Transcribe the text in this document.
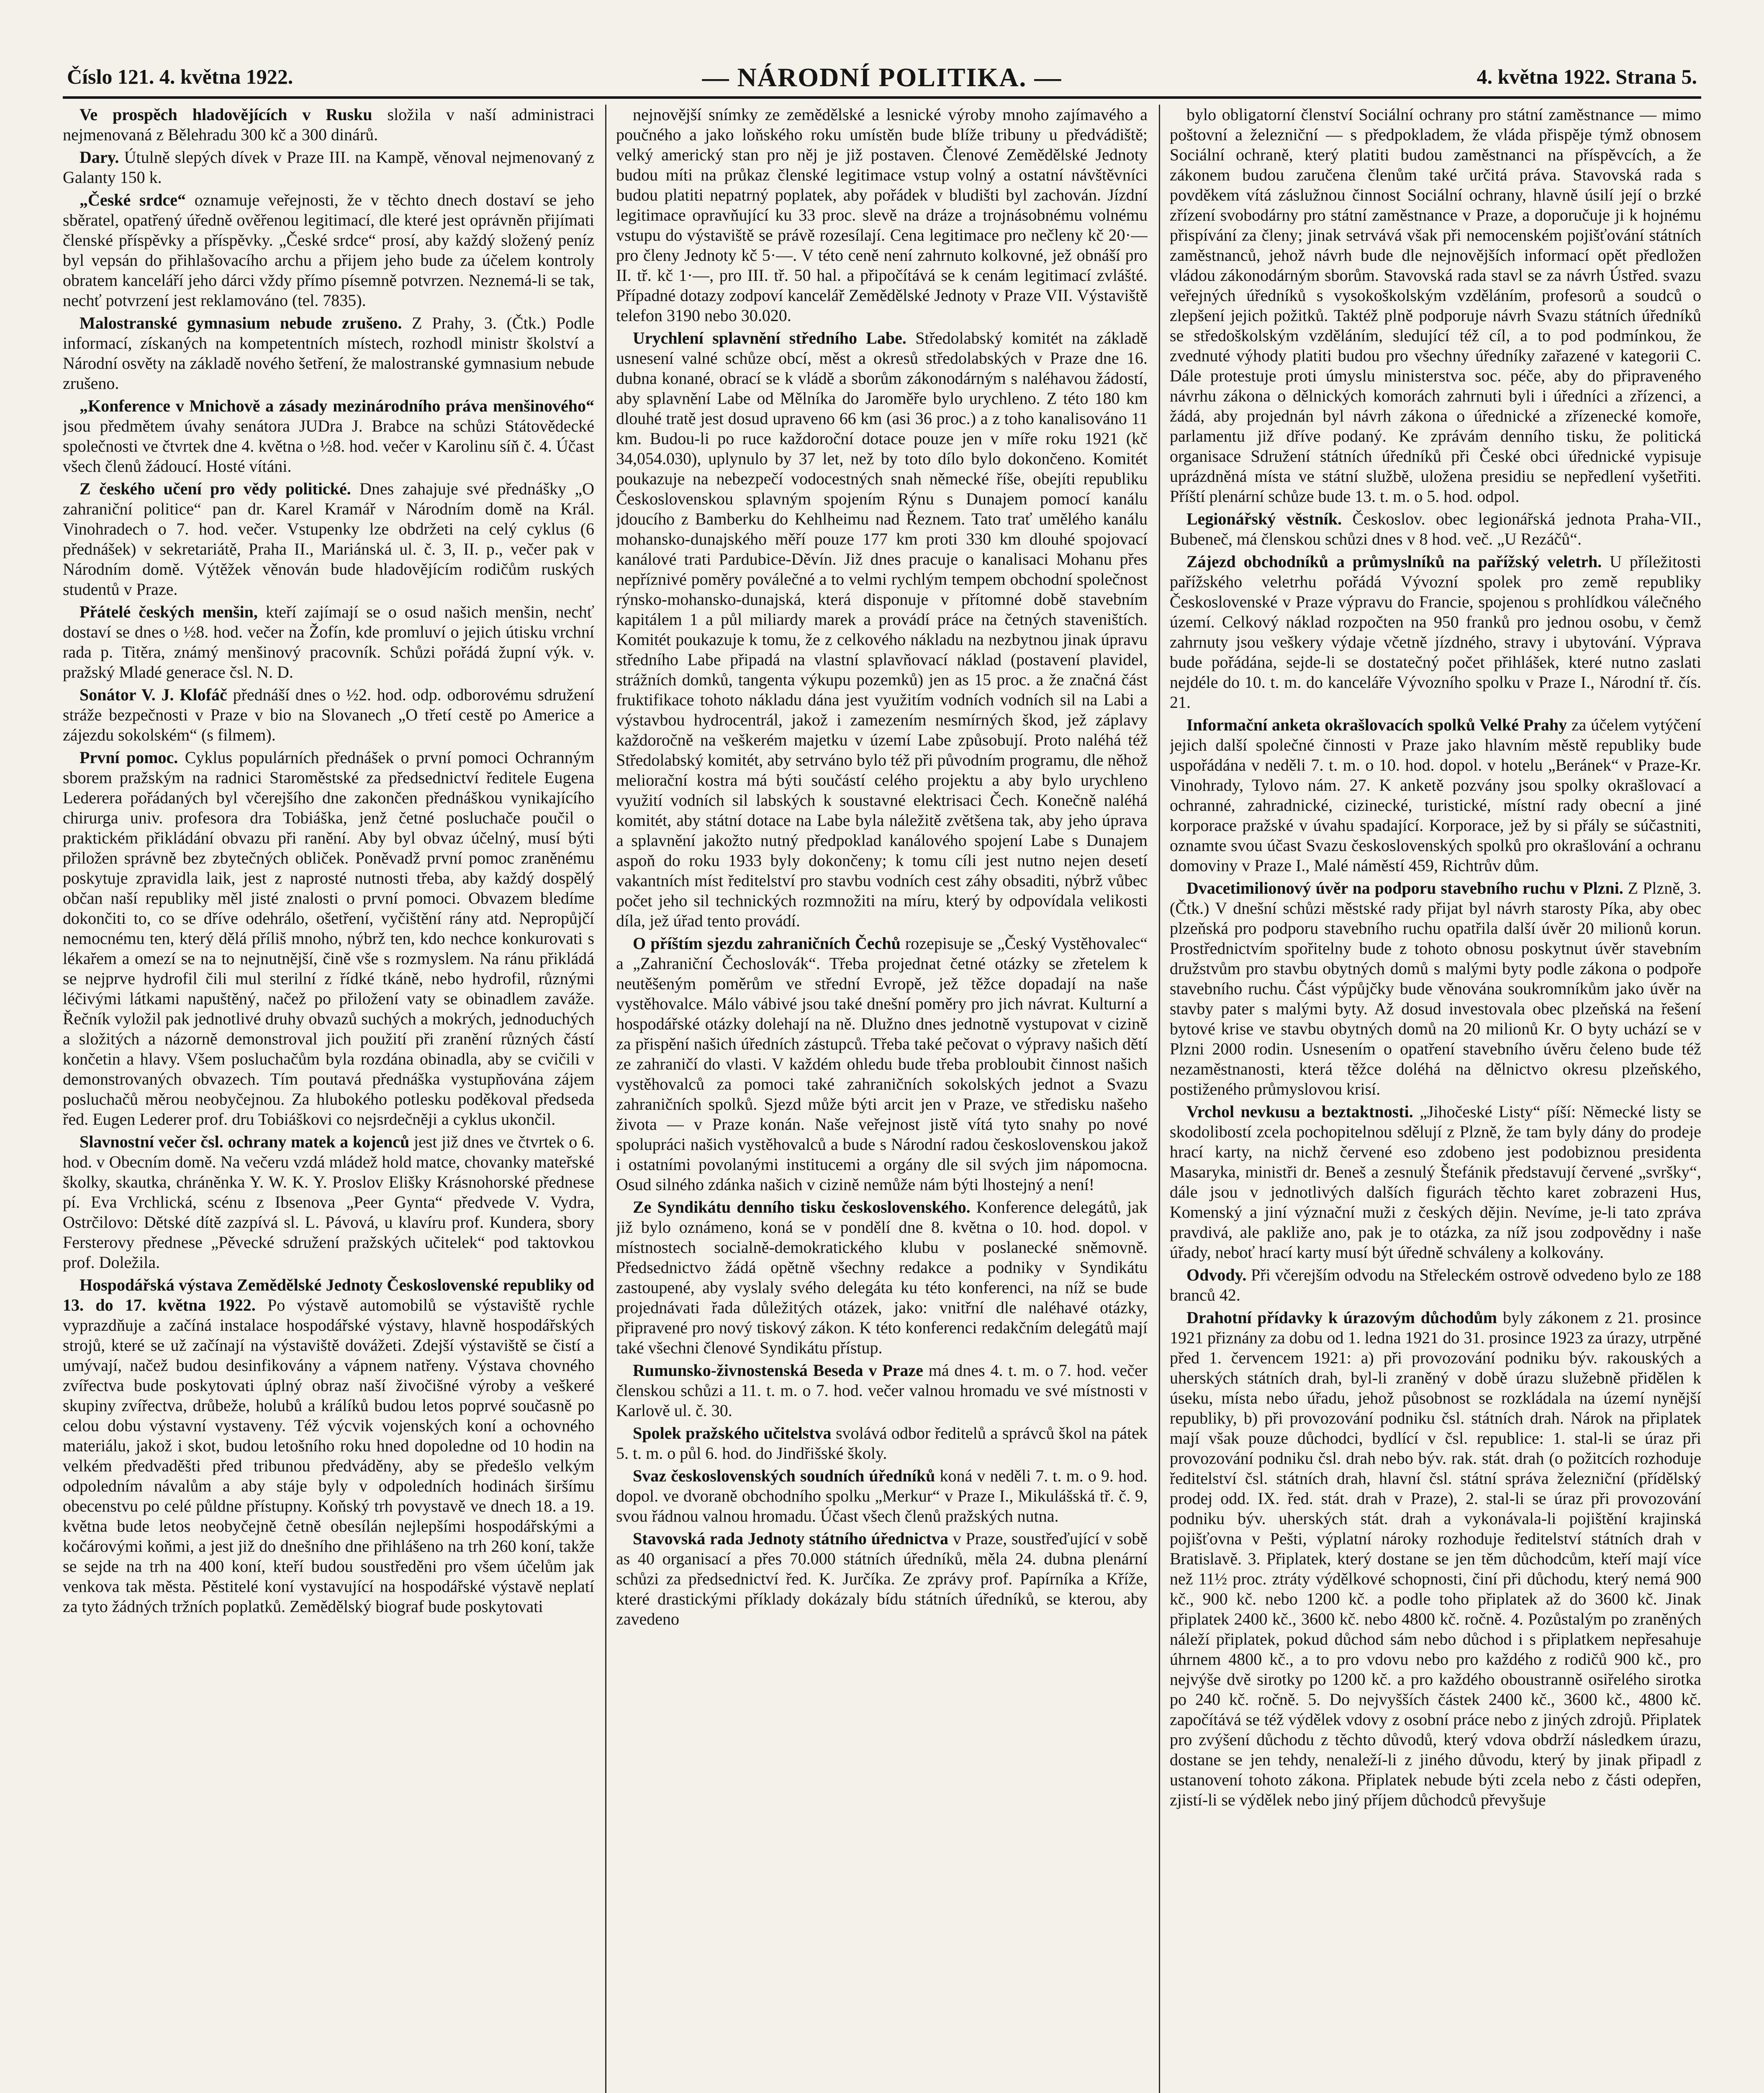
Číslo 121. 4. května 1922.	— NÁRODNÍ POLITIKA. —	4. května 1922. Strana 5.

Ve prospěch hladovějících v Rusku složila v naší administraci nejmenovaná z Bělehradu 300 kč a 300 dinárů.

Dary. Útulně slepých dívek v Praze III. na Kampě, věnoval nejmenovaný z Galanty 150 k.

„České srdce“ oznamuje veřejnosti, že v těchto dnech dostaví se jeho sběratel, opatřený úředně ověřenou legitimací, dle které jest oprávněn přijímati členské příspěvky a příspěvky. „České srdce“ prosí, aby každý složený peníz byl vepsán do přihlašovacího archu a přijem jeho bude za účelem kontroly obratem kanceláří jeho dárci vždy přímo písemně potvrzen. Neznemá-li se tak, nechť potvrzení jest reklamováno (tel. 7835).

Malostranské gymnasium nebude zrušeno. Z Prahy, 3. (Čtk.) Podle informací, získaných na kompetentních místech, rozhodl ministr školství a Národní osvěty na základě nového šetření, že malostranské gymnasium nebude zrušeno.

„Konference v Mnichově a zásady mezinárodního práva menšinového“ jsou předmětem úvahy senátora JUDra J. Brabce na schůzi Státovědecké společnosti ve čtvrtek dne 4. května o ½8. hod. večer v Karolinu síň č. 4. Účast všech členů žádoucí. Hosté vítáni.

Z českého učení pro vědy politické. Dnes zahajuje své přednášky „O zahraniční politice“ pan dr. Karel Kramář v Národním domě na Král. Vinohradech o 7. hod. večer. Vstupenky lze obdržeti na celý cyklus (6 přednášek) v sekretariátě, Praha II., Mariánská ul. č. 3, II. p., večer pak v Národním domě. Výtěžek věnován bude hladovějícím rodičům ruských studentů v Praze.

Přátelé českých menšin, kteří zajímají se o osud našich menšin, nechť dostaví se dnes o ½8. hod. večer na Žofín, kde promluví o jejich útisku vrchní rada p. Titěra, známý menšinový pracovník. Schůzi pořádá župní výk. v. pražský Mladé generace čsl. N. D.

Sonátor V. J. Klofáč přednáší dnes o ½2. hod. odp. odborovému sdružení stráže bezpečnosti v Praze v bio na Slovanech „O třetí cestě po Americe a zájezdu sokolském“ (s filmem).

První pomoc. Cyklus populárních přednášek o první pomoci Ochranným sborem pražským na radnici Staroměstské za předsednictví ředitele Eugena Lederera pořádaných byl včerejšího dne zakončen přednáškou vynikajícího chirurga univ. profesora dra Tobiáška, jenž četné posluchače poučil o praktickém přikládání obvazu při ranění. Aby byl obvaz účelný, musí býti přiložen správně bez zbytečných obliček. Poněvadž první pomoc zraněnému poskytuje zpravidla laik, jest z naprosté nutnosti třeba, aby každý dospělý občan naší republiky měl jisté znalosti o první pomoci. Obvazem bledíme dokončiti to, co se dříve odehrálo, ošetření, vyčištění rány atd. Nepropůjčí nemocnému ten, který dělá příliš mnoho, nýbrž ten, kdo nechce konkurovati s lékařem a omezí se na to nejnutnější, čině vše s rozmyslem. Na ránu přikládá se nejprve hydrofil čili mul sterilní z řídké tkáně, nebo hydrofil, různými léčivými látkami napuštěný, načež po přiložení vaty se obinadlem zaváže. Řečník vyložil pak jednotlivé druhy obvazů suchých a mokrých, jednoduchých a složitých a názorně demonstroval jich použití při zranění různých částí končetin a hlavy. Všem posluchačům byla rozdána obinadla, aby se cvičili v demonstrovaných obvazech. Tím poutavá přednáška vystupňována zájem posluchačů měrou neobyčejnou. Za hlubokého potlesku poděkoval předseda řed. Eugen Lederer prof. dru Tobiáškovi co nejsrdečněji a cyklus ukončil.

Slavnostní večer čsl. ochrany matek a kojenců jest již dnes ve čtvrtek o 6. hod. v Obecním domě. Na večeru vzdá mládež hold matce, chovanky mateřské školky, skautka, chráněnka Y. W. K. Y. Proslov Elišky Krásnohorské přednese pí. Eva Vrchlická, scénu z Ibsenova „Peer Gynta“ předvede V. Vydra, Ostrčilovo: Dětské dítě zazpívá sl. L. Pávová, u klavíru prof. Kundera, sbory Fersterovy přednese „Pěvecké sdružení pražských učitelek“ pod taktovkou prof. Doležila.

Hospodářská výstava Zemědělské Jednoty Československé republiky od 13. do 17. května 1922. Po výstavě automobilů se výstaviště rychle vyprazdňuje a začíná instalace hospodářské výstavy, hlavně hospodářských strojů, které se už začínají na výstaviště dovážeti. Zdejší výstaviště se čistí a umývají, načež budou desinfikovány a vápnem natřeny. Výstava chovného zvířectva bude poskytovati úplný obraz naší živočišné výroby a veškeré skupiny zvířectva, drůbeže, holubů a králíků budou letos poprvé současně po celou dobu výstavní vystaveny. Též výcvik vojenských koní a ochovného materiálu, jakož i skot, budou letošního roku hned dopoledne od 10 hodin na velkém předvaděšti před tribunou předváděny, aby se předešlo velkým odpoledním návalům a aby stáje byly v odpoledních hodinách širšímu obecenstvu po celé půldne přístupny. Koňský trh povystavě ve dnech 18. a 19. května bude letos neobyčejně četně obesílán nejlepšími hospodářskými a kočárovými koňmi, a jest již do dnešního dne přihlášeno na trh 260 koní, takže se sejde na trh na 400 koní, kteří budou soustředěni pro všem účelům jak venkova tak města. Pěstitelé koní vystavující na hospodářské výstavě neplatí za tyto žádných tržních poplatků. Zemědělský biograf bude poskytovati

nejnovější snímky ze zemědělské a lesnické výroby mnoho zajímavého a poučného a jako loňského roku umístěn bude blíže tribuny u předvádiště; velký americký stan pro něj je již postaven. Členové Zemědělské Jednoty budou míti na průkaz členské legitimace vstup volný a ostatní návštěvníci budou platiti nepatrný poplatek, aby pořádek v bludišti byl zachován. Jízdní legitimace opravňující ku 33 proc. slevě na dráze a trojnásobnému volnému vstupu do výstaviště se právě rozesílají. Cena legitimace pro nečleny kč 20·— pro členy Jednoty kč 5·—. V této ceně není zahrnuto kolkovné, jež obnáší pro II. tř. kč 1·—, pro III. tř. 50 hal. a připočítává se k cenám legitimací zvlášté. Případné dotazy zodpoví kancelář Zemědělské Jednoty v Praze VII. Výstaviště telefon 3190 nebo 30.020.

Urychlení splavnění středního Labe. Středolabský komitét na základě usnesení valné schůze obcí, měst a okresů středolabských v Praze dne 16. dubna konané, obrací se k vládě a sborům zákonodárným s naléhavou žádostí, aby splavnění Labe od Mělníka do Jaroměře bylo urychleno. Z této 180 km dlouhé tratě jest dosud upraveno 66 km (asi 36 proc.) a z toho kanalisováno 11 km. Budou-li po ruce každoroční dotace pouze jen v míře roku 1921 (kč 34,054.030), uplynulo by 37 let, než by toto dílo bylo dokončeno. Komitét poukazuje na nebezpečí vodocestných snah německé říše, obejíti republiku Československou splavným spojením Rýnu s Dunajem pomocí kanálu jdoucího z Bamberku do Kehlheimu nad Řeznem. Tato trať umělého kanálu mohansko-dunajského měří pouze 177 km proti 330 km dlouhé spojovací kanálové trati Pardubice-Děvín. Již dnes pracuje o kanalisaci Mohanu přes nepříznivé poměry poválečné a to velmi rychlým tempem obchodní společnost rýnsko-mohansko-dunajská, která disponuje v přítomné době stavebním kapitálem 1 a půl miliardy marek a provádí práce na četných staveništích. Komitét poukazuje k tomu, že z celkového nákladu na nezbytnou jinak úpravu středního Labe připadá na vlastní splavňovací náklad (postavení plavidel, strážních domků, tangenta výkupu pozemků) jen as 15 proc. a že značná část fruktifikace tohoto nákladu dána jest využitím vodních vodních sil na Labi a výstavbou hydrocentrál, jakož i zamezením nesmírných škod, jež záplavy každoročně na veškerém majetku v území Labe způsobují. Proto naléhá též Středolabský komitét, aby setrváno bylo též při původním programu, dle něhož meliorační kostra má býti součástí celého projektu a aby bylo urychleno využití vodních sil labských k soustavné elektrisaci Čech. Konečně naléhá komitét, aby státní dotace na Labe byla náležitě zvětšena tak, aby jeho úprava a splavnění jakožto nutný předpoklad kanálového spojení Labe s Dunajem aspoň do roku 1933 byly dokončeny; k tomu cíli jest nutno nejen desetí vakantních míst ředitelství pro stavbu vodních cest záhy obsaditi, nýbrž vůbec počet jeho sil technických rozmnožiti na míru, který by odpovídala velikosti díla, jež úřad tento provádí.

O příštím sjezdu zahraničních Čechů rozepisuje se „Český Vystěhovalec“ a „Zahraniční Čechoslovák“. Třeba projednat četné otázky se zřetelem k neutěšeným poměrům ve střední Evropě, jež těžce dopadají na naše vystěhovalce. Málo vábivé jsou také dnešní poměry pro jich návrat. Kulturní a hospodářské otázky dolehají na ně. Dlužno dnes jednotně vystupovat v cizině za přispění našich úředních zástupců. Třeba také pečovat o výpravy našich dětí ze zahraničí do vlasti. V každém ohledu bude třeba probloubit činnost našich vystěhovalců za pomoci také zahraničních sokolských jednot a Svazu zahraničních spolků. Sjezd může býti arcit jen v Praze, ve středisku našeho života — v Praze konán. Naše veřejnost jistě vítá tyto snahy po nové spolupráci našich vystěhovalců a bude s Národní radou československou jakož i ostatními povolanými institucemi a orgány dle sil svých jim nápomocna. Osud silného zdánka našich v cizině nemůže nám býti lhostejný a není!

Ze Syndikátu denního tisku československého. Konference delegátů, jak již bylo oznámeno, koná se v pondělí dne 8. května o 10. hod. dopol. v místnostech socialně-demokratického klubu v poslanecké sněmovně. Předsednictvo žádá opětně všechny redakce a podniky v Syndikátu zastoupené, aby vyslaly svého delegáta ku této konferenci, na níž se bude projednávati řada důležitých otázek, jako: vnitřní dle naléhavé otázky, připravené pro nový tiskový zákon. K této konferenci redakčním delegátů mají také všechni členové Syndikátu přístup.

Rumunsko-živnostenská Beseda v Praze má dnes 4. t. m. o 7. hod. večer členskou schůzi a 11. t. m. o 7. hod. večer valnou hromadu ve své místnosti v Karlově ul. č. 30.

Spolek pražského učitelstva svolává odbor ředitelů a správců škol na pátek 5. t. m. o půl 6. hod. do Jindřišské školy.

Svaz československých soudních úředníků koná v neděli 7. t. m. o 9. hod. dopol. ve dvoraně obchodního spolku „Merkur“ v Praze I., Mikulášská tř. č. 9, svou řádnou valnou hromadu. Účast všech členů pražských nutna.

Stavovská rada Jednoty státního úřednictva v Praze, soustřeďující v sobě as 40 organisací a přes 70.000 státních úředníků, měla 24. dubna plenární schůzi za předsednictví řed. K. Jurčíka. Ze zprávy prof. Papírníka a Kříže, které drastickými příklady dokázaly bídu státních úředníků, se kterou, aby zavedeno

bylo obligatorní členství Sociální ochrany pro státní zaměstnance — mimo poštovní a železniční — s předpokladem, že vláda přispěje týmž obnosem Sociální ochraně, který platiti budou zaměstnanci na příspěvcích, a že zákonem budou zaručena členům také určitá práva. Stavovská rada s povděkem vítá záslužnou činnost Sociální ochrany, hlavně úsilí její o brzké zřízení svobodárny pro státní zaměstnance v Praze, a doporučuje ji k hojnému přispívání za členy; jinak setrvává však při nemocenském pojišťování státních zaměstnanců, jehož návrh bude dle nejnovějších informací opět předložen vládou zákonodárným sborům. Stavovská rada stavl se za návrh Ústřed. svazu veřejných úředníků s vysokoškolským vzděláním, profesorů a soudců o zlepšení jejich požitků. Taktéž plně podporuje návrh Svazu státních úředníků se středoškolským vzděláním, sledující též cíl, a to pod podmínkou, že zvednuté výhody platiti budou pro všechny úředníky zařazené v kategorii C. Dále protestuje proti úmyslu ministerstva soc. péče, aby do připraveného návrhu zákona o dělnických komorách zahrnuti byli i úředníci a zřízenci, a žádá, aby projednán byl návrh zákona o úřednické a zřízenecké komoře, parlamentu již dříve podaný. Ke zprávám denního tisku, že politická organisace Sdružení státních úředníků při České obci úřednické vypisuje uprázdněná místa ve státní službě, uložena presidiu se nepředlení vyšetřiti. Příští plenární schůze bude 13. t. m. o 5. hod. odpol.

Legionářský věstník. Českoslov. obec legionářská jednota Praha-VII., Bubeneč, má členskou schůzi dnes v 8 hod. več. „U Rezáčů“.

Zájezd obchodníků a průmyslníků na pařížský veletrh. U příležitosti pařížského veletrhu pořádá Vývozní spolek pro země republiky Československé v Praze výpravu do Francie, spojenou s prohlídkou válečného území. Celkový náklad rozpočten na 950 franků pro jednou osobu, v čemž zahrnuty jsou veškery výdaje včetně jízdného, stravy i ubytování. Výprava bude pořádána, sejde-li se dostatečný počet přihlášek, které nutno zaslati nejdéle do 10. t. m. do kanceláře Vývozního spolku v Praze I., Národní tř. čís. 21.

Informační anketa okrašlovacích spolků Velké Prahy za účelem vytýčení jejich další společné činnosti v Praze jako hlavním městě republiky bude uspořádána v neděli 7. t. m. o 10. hod. dopol. v hotelu „Beránek“ v Praze-Kr. Vinohrady, Tylovo nám. 27. K anketě pozvány jsou spolky okrašlovací a ochranné, zahradnické, cizinecké, turistické, místní rady obecní a jiné korporace pražské v úvahu spadající. Korporace, jež by si přály se súčastniti, oznamte svou účast Svazu československých spolků pro okrašlování a ochranu domoviny v Praze I., Malé náměstí 459, Richtrův dům.

Dvacetimilionový úvěr na podporu stavebního ruchu v Plzni. Z Plzně, 3. (Čtk.) V dnešní schůzi městské rady přijat byl návrh starosty Píka, aby obec plzeňská pro podporu stavebního ruchu opatřila další úvěr 20 milionů korun. Prostřednictvím spořitelny bude z tohoto obnosu poskytnut úvěr stavebním družstvům pro stavbu obytných domů s malými byty podle zákona o podpoře stavebního ruchu. Část výpůjčky bude věnována soukromníkům jako úvěr na stavby pater s malými byty. Až dosud investovala obec plzeňská na řešení bytové krise ve stavbu obytných domů na 20 milionů Kr. O byty uchází se v Plzni 2000 rodin. Usnesením o opatření stavebního úvěru čeleno bude též nezaměstnanosti, která těžce doléhá na dělnictvo okresu plzeňského, postiženého průmyslovou krisí.

Vrchol nevkusu a beztaktnosti. „Jihočeské Listy“ píší: Německé listy se skodolibostí zcela pochopitelnou sdělují z Plzně, že tam byly dány do prodeje hrací karty, na nichž červené eso zdobeno jest podobiznou presidenta Masaryka, ministři dr. Beneš a zesnulý Štefánik představují červené „svršky“, dále jsou v jednotlivých dalších figurách těchto karet zobrazeni Hus, Komenský a jiní význační muži z českých dějin. Nevíme, je-li tato zpráva pravdivá, ale pakliže ano, pak je to otázka, za níž jsou zodpovědny i naše úřady, neboť hrací karty musí být úředně schváleny a kolkovány.

Odvody. Při včerejším odvodu na Střeleckém ostrově odvedeno bylo ze 188 branců 42.

Drahotní přídavky k úrazovým důchodům byly zákonem z 21. prosince 1921 přiznány za dobu od 1. ledna 1921 do 31. prosince 1923 za úrazy, utrpěné před 1. červencem 1921: a) při provozování podniku býv. rakouských a uherských státních drah, byl-li zraněný v době úrazu služebně přidělen k úseku, místa nebo úřadu, jehož působnost se rozkládala na území nynější republiky, b) při provozování podniku čsl. státních drah. Nárok na připlatek mají však pouze důchodci, bydlící v čsl. republice: 1. stal-li se úraz při provozování podniku čsl. drah nebo býv. rak. stát. drah (o požitcích rozhoduje ředitelství čsl. státních drah, hlavní čsl. státní správa železniční (přídělský prodej odd. IX. řed. stát. drah v Praze), 2. stal-li se úraz při provozování podniku býv. uherských stát. drah a vykonávala-li pojištění krajinská pojišťovna v Pešti, výplatní nároky rozhoduje ředitelství státních drah v Bratislavě. 3. Připlatek, který dostane se jen těm důchodcům, kteří mají více než 11½ proc. ztráty výdělkové schopnosti, činí při důchodu, který nemá 900 kč., 900 kč. nebo 1200 kč. a podle toho připlatek až do 3600 kč. Jinak připlatek 2400 kč., 3600 kč. nebo 4800 kč. ročně. 4. Pozůstalým po zraněných náleží připlatek, pokud důchod sám nebo důchod i s připlatkem nepřesahuje úhrnem 4800 kč., a to pro vdovu nebo pro každého z rodičů 900 kč., pro nejvýše dvě sirotky po 1200 kč. a pro každého oboustranně osiřelého sirotka po 240 kč. ročně. 5. Do nejvyšších částek 2400 kč., 3600 kč., 4800 kč. započítává se též výdělek vdovy z osobní práce nebo z jiných zdrojů. Připlatek pro zvýšení důchodu z těchto důvodů, který vdova obdrží následkem úrazu, dostane se jen tehdy, nenaleží-li z jiného důvodu, který by jinak připadl z ustanovení tohoto zákona. Připlatek nebude býti zcela nebo z části odepřen, zjistí-li se výdělek nebo jiný příjem důchodců převyšuje
